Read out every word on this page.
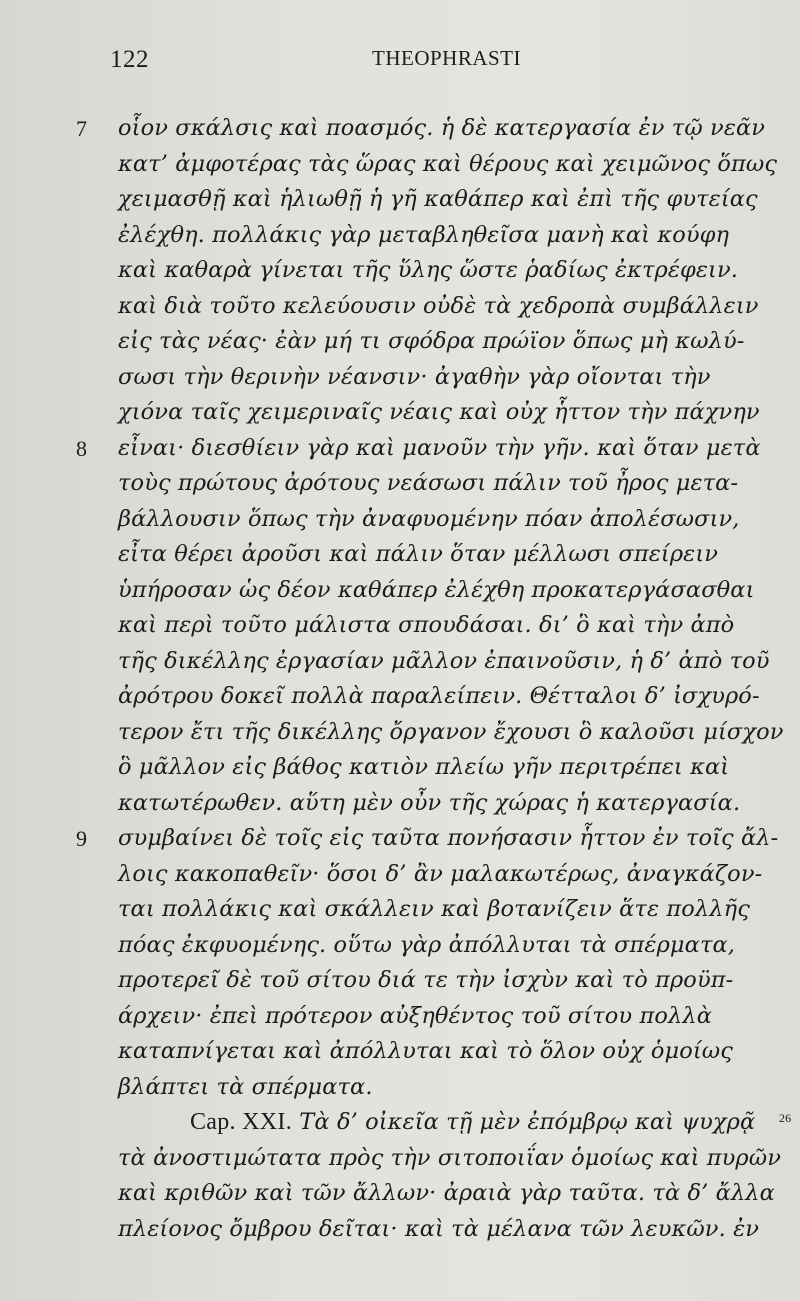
122	THEOPHRASTI
7 οἷον σκάλσις καὶ ποασμός. ἡ δὲ κατεργασία ἐν τῷ νεᾶν
κατ’ ἀμφοτέρας τὰς ὥρας καὶ θέρους καὶ χειμῶνος ὅπως
χειμασθῇ καὶ ἡλιωθῇ ἡ γῆ καθάπερ καὶ ἐπὶ τῆς φυτείας
ἐλέχθη. πολλάκις γὰρ μεταβληθεῖσα μανὴ καὶ κούφη
καὶ καθαρὰ γίνεται τῆς ὕλης ὥστε ῥαδίως ἐκτρέφειν.
καὶ διὰ τοῦτο κελεύουσιν οὐδὲ τὰ χεδροπὰ συμβάλλειν
εἰς τὰς νέας· ἐὰν μή τι σφόδρα πρώϊον ὅπως μὴ κωλύ-
σωσι τὴν θερινὴν νέανσιν· ἀγαθὴν γὰρ οἴονται τὴν
χιόνα ταῖς χειμεριναῖς νέαις καὶ οὐχ ἧττον τὴν πάχνην
8 εἶναι· διεσθίειν γὰρ καὶ μανοῦν τὴν γῆν. καὶ ὅταν μετὰ
τοὺς πρώτους ἀρότους νεάσωσι πάλιν τοῦ ἦρος μετα-
βάλλουσιν ὅπως τὴν ἀναφυομένην πόαν ἀπολέσωσιν,
εἶτα θέρει ἀροῦσι καὶ πάλιν ὅταν μέλλωσι σπείρειν
ὑπήροσαν ὡς δέον καθάπερ ἐλέχθη προκατεργάσασθαι
καὶ περὶ τοῦτο μάλιστα σπουδάσαι. δι’ ὃ καὶ τὴν ἀπὸ
τῆς δικέλλης ἐργασίαν μᾶλλον ἐπαινοῦσιν, ἡ δ’ ἀπὸ τοῦ
ἀρότρου δοκεῖ πολλὰ παραλείπειν. Θέτταλοι δ’ ἰσχυρό-
τερον ἔτι τῆς δικέλλης ὄργανον ἔχουσι ὃ καλοῦσι μίσχον
ὃ μᾶλλον εἰς βάθος κατιὸν πλείω γῆν περιτρέπει καὶ
κατωτέρωθεν. αὕτη μὲν οὖν τῆς χώρας ἡ κατεργασία.
9 συμβαίνει δὲ τοῖς εἰς ταῦτα πονήσασιν ἧττον ἐν τοῖς ἄλ-
λοις κακοπαθεῖν· ὅσοι δ’ ἂν μαλακωτέρως, ἀναγκάζον-
ται πολλάκις καὶ σκάλλειν καὶ βοτανίζειν ἅτε πολλῆς
πόας ἐκφυομένης. οὕτω γὰρ ἀπόλλυται τὰ σπέρματα,
προτερεῖ δὲ τοῦ σίτου διά τε τὴν ἰσχὺν καὶ τὸ προϋπ-
άρχειν· ἐπεὶ πρότερον αὐξηθέντος τοῦ σίτου πολλὰ
καταπνίγεται καὶ ἀπόλλυται καὶ τὸ ὅλον οὐχ ὁμοίως
βλάπτει τὰ σπέρματα.
Cap. XXI. Τὰ δ’ οἰκεῖα τῇ μὲν ἐπόμβρῳ καὶ ψυχρᾷ 26
τὰ ἀνοστιμώτατα πρὸς τὴν σιτοποιΐαν ὁμοίως καὶ πυρῶν
καὶ κριθῶν καὶ τῶν ἄλλων· ἀραιὰ γὰρ ταῦτα. τὰ δ’ ἄλλα
πλείονος ὄμβρου δεῖται· καὶ τὰ μέλανα τῶν λευκῶν. ἐν
